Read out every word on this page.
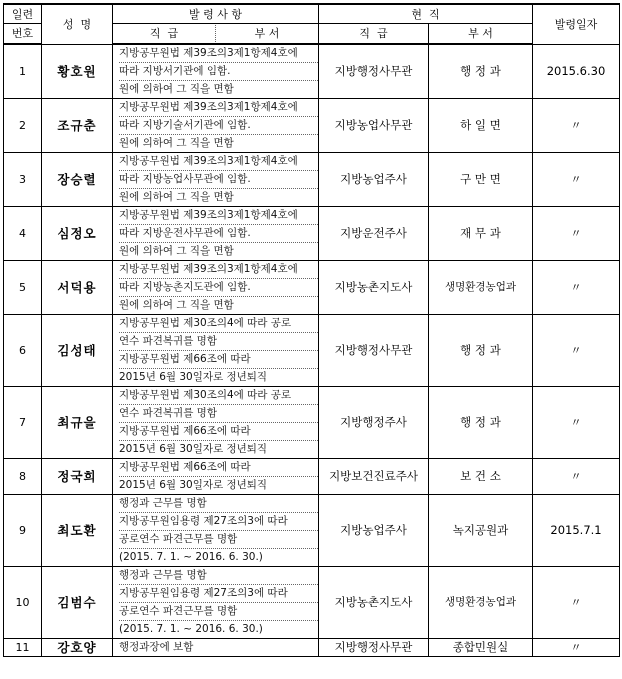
일련	성  명	발 령 사 항	현  직		발령일자
번호		직  급 부 서	직  급	부 서	
1	황호원	지방공무원법 제39조의3제1항제4호에
따라 지방서기관에 임함.
원에 의하여 그 직을 면함	지방행정사무관	행 정 과	2015.6.30
2	조규춘	지방공무원법 제39조의3제1항제4호에
따라 지방기술서기관에 임함.
원에 의하여 그 직을 면함	지방농업사무관	하 일 면	〃
3	장승렬	지방공무원법 제39조의3제1항제4호에
따라 지방농업사무관에 임함.
원에 의하여 그 직을 면함	지방농업주사	구 만 면	〃
4	심정오	지방공무원법 제39조의3제1항제4호에
따라 지방운전사무관에 임함.
원에 의하여 그 직을 면함	지방운전주사	재 무 과	〃
5	서덕용	지방공무원법 제39조의3제1항제4호에
따라 지방농촌지도관에 임함.
원에 의하여 그 직을 면함	지방농촌지도사	생명환경농업과	〃
6	김성태	지방공무원법 제30조의4에 따라 공로
연수 파견복귀를 명함
지방공무원법 제66조에 따라
2015년 6월 30일자로 정년퇴직	지방행정사무관	행 정 과	〃
7	최규을	지방공무원법 제30조의4에 따라 공로
연수 파견복귀를 명함
지방공무원법 제66조에 따라
2015년 6월 30일자로 정년퇴직	지방행정주사	행 정 과	〃
8	정국희	지방공무원법 제66조에 따라
2015년 6월 30일자로 정년퇴직	지방보건진료주사	보 건 소	〃
9	최도환	행정과 근무를 명함
지방공무원임용령 제27조의3에 따라
공로연수 파견근무를 명함
(2015. 7. 1. ~ 2016. 6. 30.)	지방농업주사	녹지공원과	2015.7.1
10	김범수	행정과 근무를 명함
지방공무원임용령 제27조의3에 따라
공로연수 파견근무를 명함
(2015. 7. 1. ~ 2016. 6. 30.)	지방농촌지도사	생명환경농업과	〃
11	강호양	행정과장에 보함	지방행정사무관	종합민원실	〃
